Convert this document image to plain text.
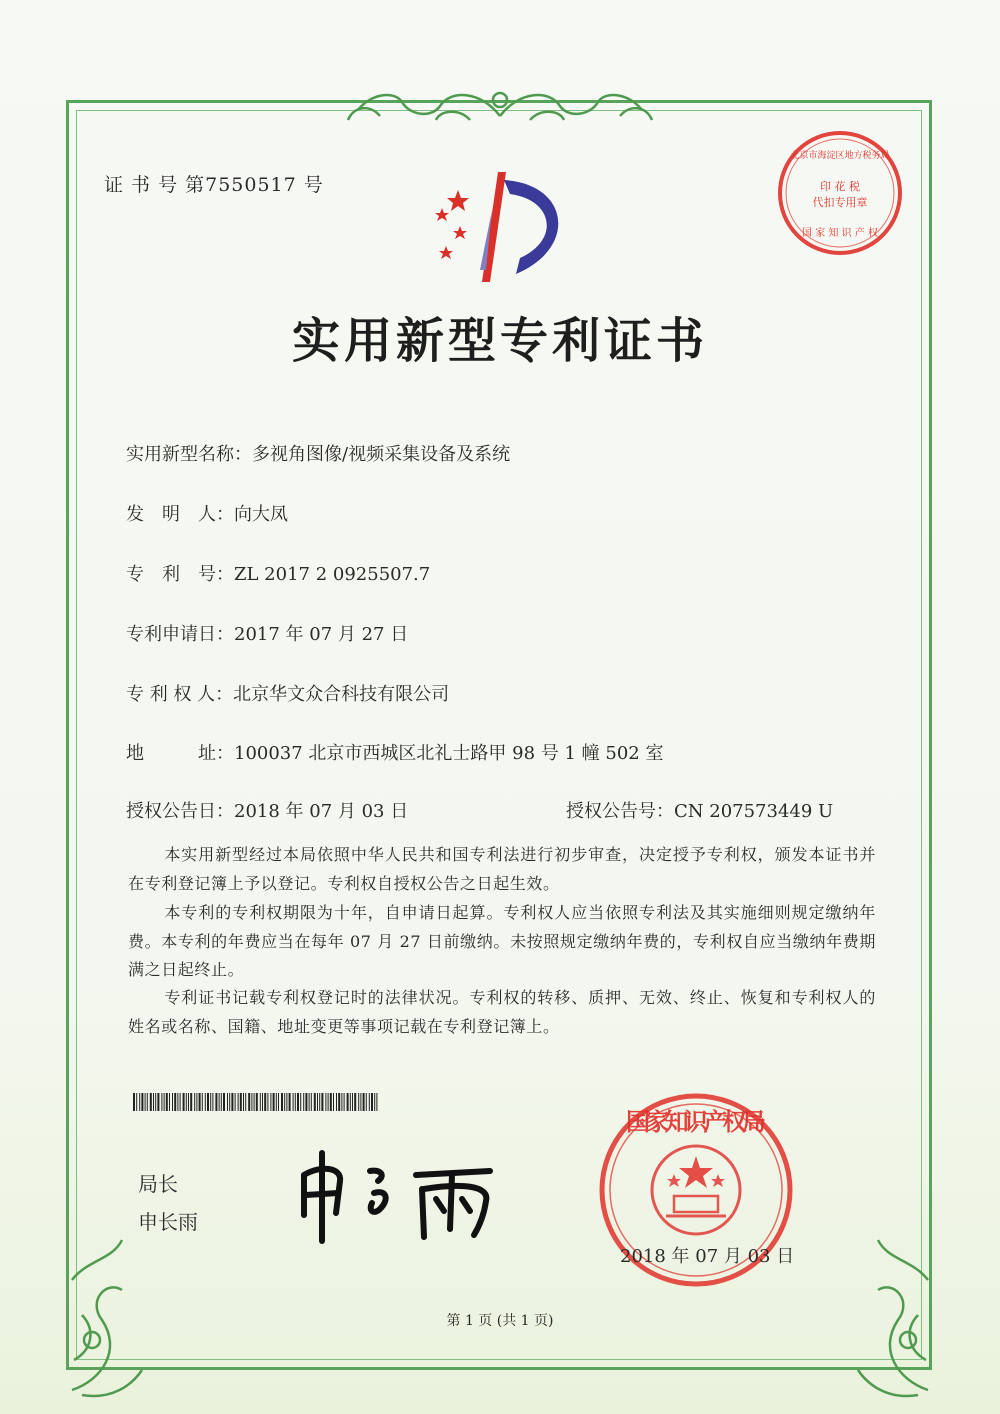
证 书 号 第7550517 号
北京市海淀区地方税务局
印 花 税
代扣专用章
国 家 知 识 产 权
实用新型专利证书
实用新型名称：多视角图像/视频采集设备及系统
发　明　人：向大凤
专　利　号：ZL 2017 2 0925507.7
专利申请日：2017 年 07 月 27 日
专 利 权 人：北京华文众合科技有限公司
地　　　址：100037 北京市西城区北礼士路甲 98 号 1 幢 502 室
授权公告日：2018 年 07 月 03 日	授权公告号：CN 207573449 U
本实用新型经过本局依照中华人民共和国专利法进行初步审查，决定授予专利权，颁发本证书并在专利登记簿上予以登记。专利权自授权公告之日起生效。
本专利的专利权期限为十年，自申请日起算。专利权人应当依照专利法及其实施细则规定缴纳年费。本专利的年费应当在每年 07 月 27 日前缴纳。未按照规定缴纳年费的，专利权自应当缴纳年费期满之日起终止。
专利证书记载专利权登记时的法律状况。专利权的转移、质押、无效、终止、恢复和专利权人的姓名或名称、国籍、地址变更等事项记载在专利登记簿上。
局长
申长雨
国家知识产权局
2018 年 07 月 03 日
第 1 页 (共 1 页)
